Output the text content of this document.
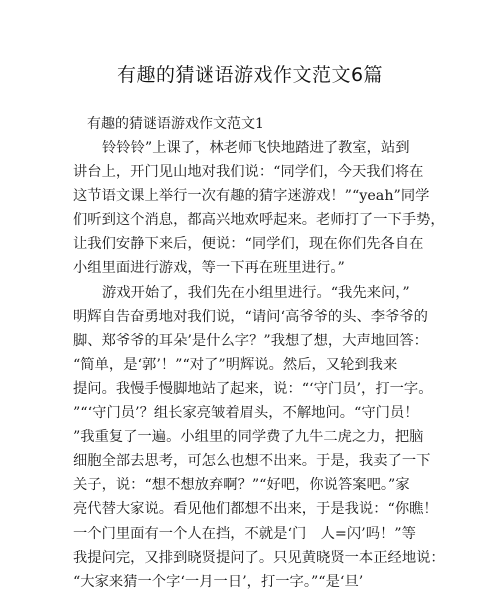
有趣的猜谜语游戏作文范文6篇
有趣的猜谜语游戏作文范文1
铃铃铃”上课了，林老师飞快地踏进了教室，站到
讲台上，开门见山地对我们说：“同学们，今天我们将在
这节语文课上举行一次有趣的猜字迷游戏！”“yeah”同学
们听到这个消息，都高兴地欢呼起来。老师打了一下手势，
让我们安静下来后，便说：“同学们，现在你们先各自在
小组里面进行游戏，等一下再在班里进行。”
游戏开始了，我们先在小组里进行。“我先来问，”
明辉自告奋勇地对我们说，“请问‘高爷爷的头、李爷爷的
脚、郑爷爷的耳朵’是什么字？”我想了想，大声地回答：
“简单，是‘郭’！”“对了”明辉说。然后，又轮到我来
提问。我慢手慢脚地站了起来，说：“‘守门员’，打一字。
”“‘守门员’？组长家亮皱着眉头，不解地问。“守门员！
”我重复了一遍。小组里的同学费了九牛二虎之力，把脑
细胞全部去思考，可怎么也想不出来。于是，我卖了一下
关子，说：“想不想放弃啊？”“好吧，你说答案吧。”家
亮代替大家说。看见他们都想不出来，于是我说：“你瞧！
一个门里面有一个人在挡，不就是‘门　人=闪’吗！”等
我提问完，又排到晓贤提问了。只见黄晓贤一本正经地说：
“大家来猜一个字‘一月一日’，打一字。”“是‘旦’
